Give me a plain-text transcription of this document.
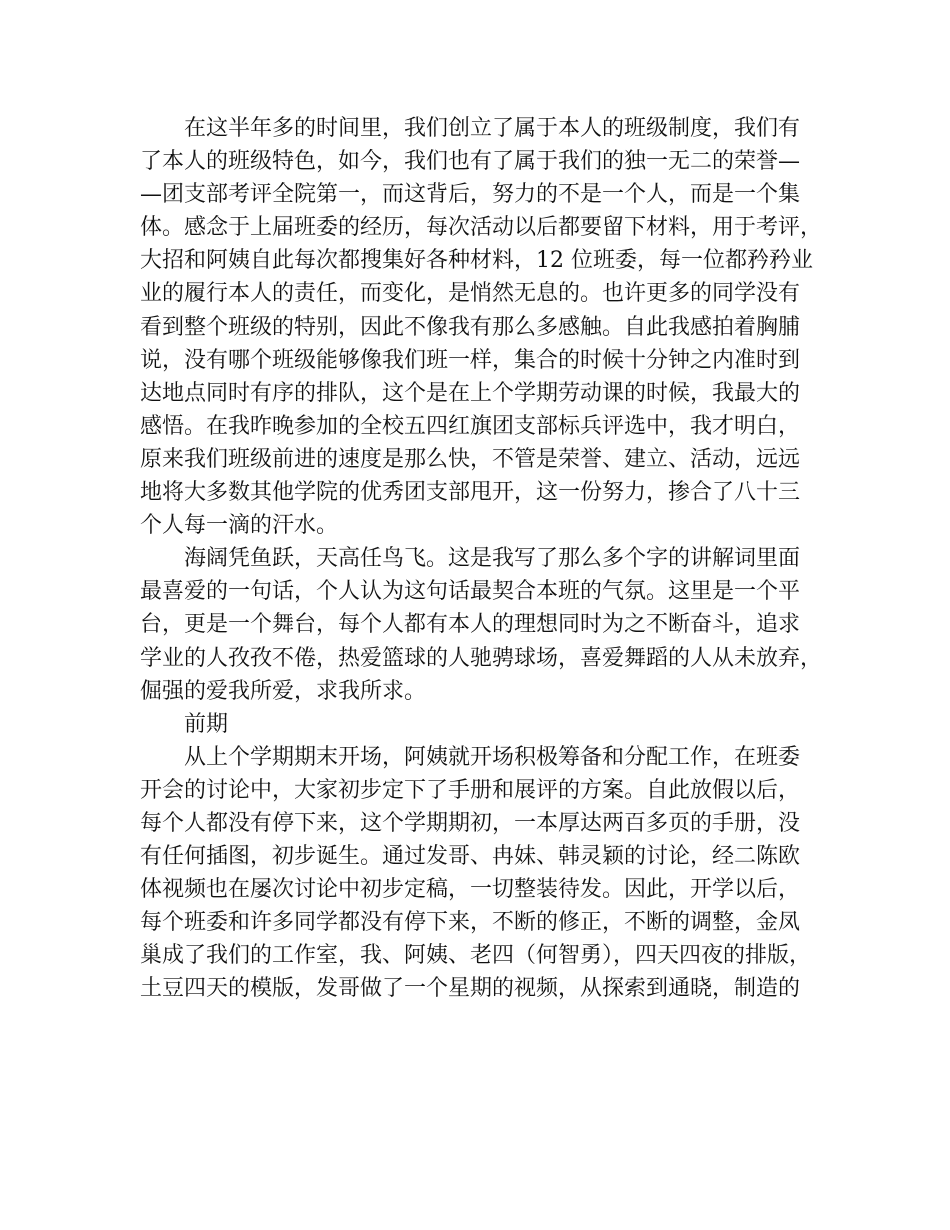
在这半年多的时间里，我们创立了属于本人的班级制度，我们有
了本人的班级特色，如今，我们也有了属于我们的独一无二的荣誉—
—团支部考评全院第一，而这背后，努力的不是一个人，而是一个集
体。感念于上届班委的经历，每次活动以后都要留下材料，用于考评，
大招和阿姨自此每次都搜集好各种材料，12 位班委，每一位都矜矜业
业的履行本人的责任，而变化，是悄然无息的。也许更多的同学没有
看到整个班级的特别，因此不像我有那么多感触。自此我感拍着胸脯
说，没有哪个班级能够像我们班一样，集合的时候十分钟之内准时到
达地点同时有序的排队，这个是在上个学期劳动课的时候，我最大的
感悟。在我昨晚参加的全校五四红旗团支部标兵评选中，我才明白，
原来我们班级前进的速度是那么快，不管是荣誉、建立、活动，远远
地将大多数其他学院的优秀团支部甩开，这一份努力，掺合了八十三
个人每一滴的汗水。
海阔凭鱼跃，天高任鸟飞。这是我写了那么多个字的讲解词里面
最喜爱的一句话，个人认为这句话最契合本班的气氛。这里是一个平
台，更是一个舞台，每个人都有本人的理想同时为之不断奋斗，追求
学业的人孜孜不倦，热爱篮球的人驰骋球场，喜爱舞蹈的人从未放弃，
倔强的爱我所爱，求我所求。
前期
从上个学期期末开场，阿姨就开场积极筹备和分配工作，在班委
开会的讨论中，大家初步定下了手册和展评的方案。自此放假以后，
每个人都没有停下来，这个学期期初，一本厚达两百多页的手册，没
有任何插图，初步诞生。通过发哥、冉妹、韩灵颖的讨论，经二陈欧
体视频也在屡次讨论中初步定稿，一切整装待发。因此，开学以后，
每个班委和许多同学都没有停下来，不断的修正，不断的调整，金凤
巢成了我们的工作室，我、阿姨、老四（何智勇），四天四夜的排版，
土豆四天的模版，发哥做了一个星期的视频，从探索到通晓，制造的
